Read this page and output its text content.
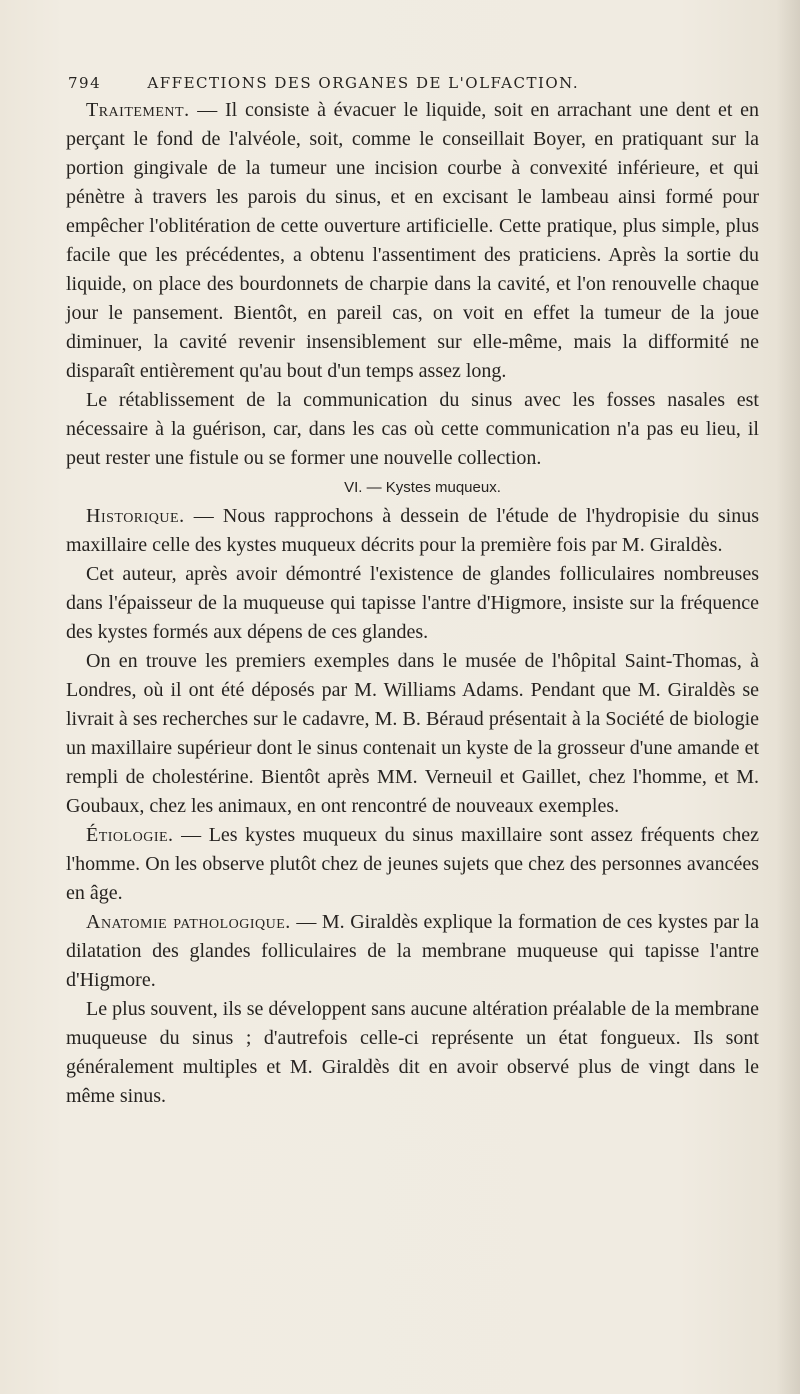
794	AFFECTIONS DES ORGANES DE L'OLFACTION.

Traitement. — Il consiste à évacuer le liquide, soit en arrachant une dent et en perçant le fond de l'alvéole, soit, comme le conseillait Boyer, en pratiquant sur la portion gingivale de la tumeur une incision courbe à convexité inférieure, et qui pénètre à travers les parois du sinus, et en excisant le lambeau ainsi formé pour empêcher l'oblitération de cette ouverture artificielle. Cette pratique, plus simple, plus facile que les précédentes, a obtenu l'assentiment des praticiens. Après la sortie du liquide, on place des bourdonnets de charpie dans la cavité, et l'on renouvelle chaque jour le pansement. Bientôt, en pareil cas, on voit en effet la tumeur de la joue diminuer, la cavité revenir insensiblement sur elle-même, mais la difformité ne disparaît entièrement qu'au bout d'un temps assez long.

Le rétablissement de la communication du sinus avec les fosses nasales est nécessaire à la guérison, car, dans les cas où cette communication n'a pas eu lieu, il peut rester une fistule ou se former une nouvelle collection.

VI. — Kystes muqueux.

Historique. — Nous rapprochons à dessein de l'étude de l'hydropisie du sinus maxillaire celle des kystes muqueux décrits pour la première fois par M. Giraldès.

Cet auteur, après avoir démontré l'existence de glandes folliculaires nombreuses dans l'épaisseur de la muqueuse qui tapisse l'antre d'Higmore, insiste sur la fréquence des kystes formés aux dépens de ces glandes.

On en trouve les premiers exemples dans le musée de l'hôpital Saint-Thomas, à Londres, où il ont été déposés par M. Williams Adams. Pendant que M. Giraldès se livrait à ses recherches sur le cadavre, M. B. Béraud présentait à la Société de biologie un maxillaire supérieur dont le sinus contenait un kyste de la grosseur d'une amande et rempli de cholestérine. Bientôt après MM. Verneuil et Gaillet, chez l'homme, et M. Goubaux, chez les animaux, en ont rencontré de nouveaux exemples.

Étiologie. — Les kystes muqueux du sinus maxillaire sont assez fréquents chez l'homme. On les observe plutôt chez de jeunes sujets que chez des personnes avancées en âge.

Anatomie pathologique. — M. Giraldès explique la formation de ces kystes par la dilatation des glandes folliculaires de la membrane muqueuse qui tapisse l'antre d'Higmore.

Le plus souvent, ils se développent sans aucune altération préalable de la membrane muqueuse du sinus ; d'autrefois celle-ci représente un état fongueux. Ils sont généralement multiples et M. Giraldès dit en avoir observé plus de vingt dans le même sinus.
